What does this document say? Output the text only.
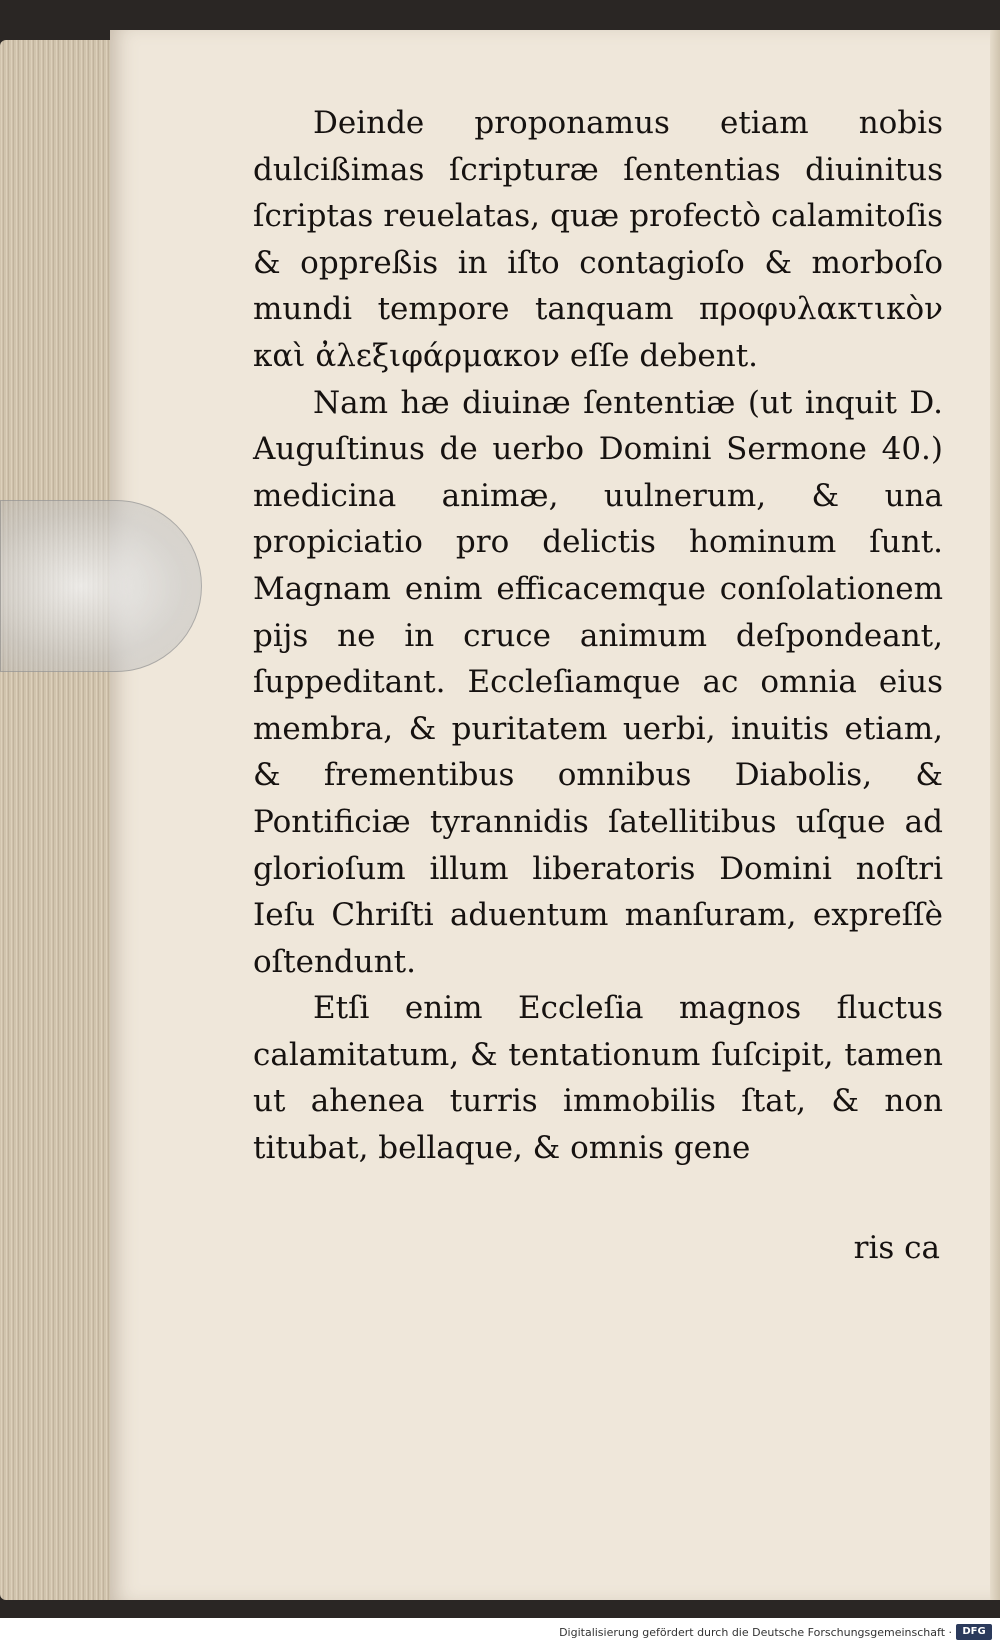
Deinde proponamus etiam nobis dulcißimas ſcripturæ ſententias diuinitus ſcriptas reuelatas, quæ profectò calamitoſis & oppreßis in iſto contagioſo & morboſo mundi tempore tanquam προφυλακτικὸν καὶ ἀλεξιφάρμακον eſſe debent.

Nam hæ diuinæ ſententiæ (ut inquit D. Auguſtinus de uerbo Domini Sermone 40.) medicina animæ, uulnerum, & una propiciatio pro delictis hominum ſunt. Magnam enim efficacemque conſolationem pijs ne in cruce animum deſpondeant, ſuppeditant. Eccleſiamque ac omnia eius membra, & puritatem uerbi, inuitis etiam, & frementibus omnibus Diabolis, & Pontificiæ tyrannidis ſatellitibus uſque ad glorioſum illum liberatoris Domini noſtri Ieſu Chriſti aduentum manſuram, expreſſè oſtendunt.

Etſi enim Eccleſia magnos fluctus calamitatum, & tentationum ſuſcipit, tamen ut ahenea turris immobilis ſtat, & non titubat, bellaque, & omnis gene

ris ca
Digitalisierung gefördert durch die Deutsche Forschungsgemeinschaft ·	DFG
